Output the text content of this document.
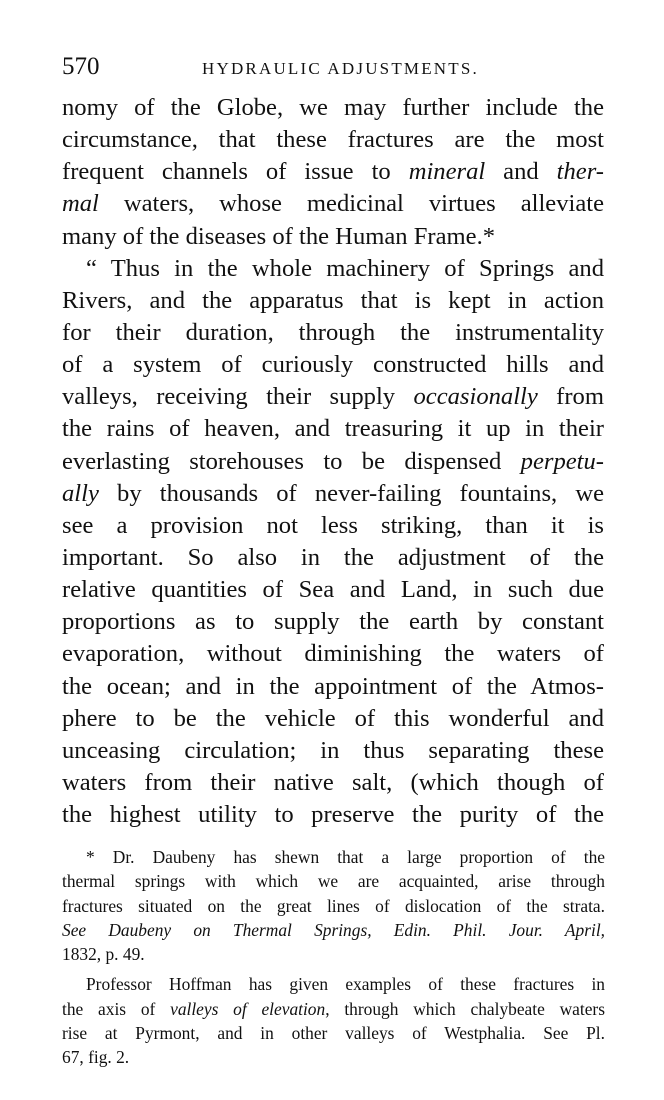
570	HYDRAULIC ADJUSTMENTS.
nomy of the Globe, we may further include the
circumstance, that these fractures are the most
frequent channels of issue to mineral and ther-
mal waters, whose medicinal virtues alleviate
many of the diseases of the Human Frame.*
“ Thus in the whole machinery of Springs and
Rivers, and the apparatus that is kept in action
for their duration, through the instrumentality
of a system of curiously constructed hills and
valleys, receiving their supply occasionally from
the rains of heaven, and treasuring it up in their
everlasting storehouses to be dispensed perpetu-
ally by thousands of never-failing fountains, we
see a provision not less striking, than it is
important. So also in the adjustment of the
relative quantities of Sea and Land, in such due
proportions as to supply the earth by constant
evaporation, without diminishing the waters of
the ocean; and in the appointment of the Atmos-
phere to be the vehicle of this wonderful and
unceasing circulation; in thus separating these
waters from their native salt, (which though of
the highest utility to preserve the purity of the
* Dr. Daubeny has shewn that a large proportion of the
thermal springs with which we are acquainted, arise through
fractures situated on the great lines of dislocation of the strata.
See Daubeny on Thermal Springs, Edin. Phil. Jour. April,
1832, p. 49.
Professor Hoffman has given examples of these fractures in
the axis of valleys of elevation, through which chalybeate waters
rise at Pyrmont, and in other valleys of Westphalia. See Pl.
67, fig. 2.
